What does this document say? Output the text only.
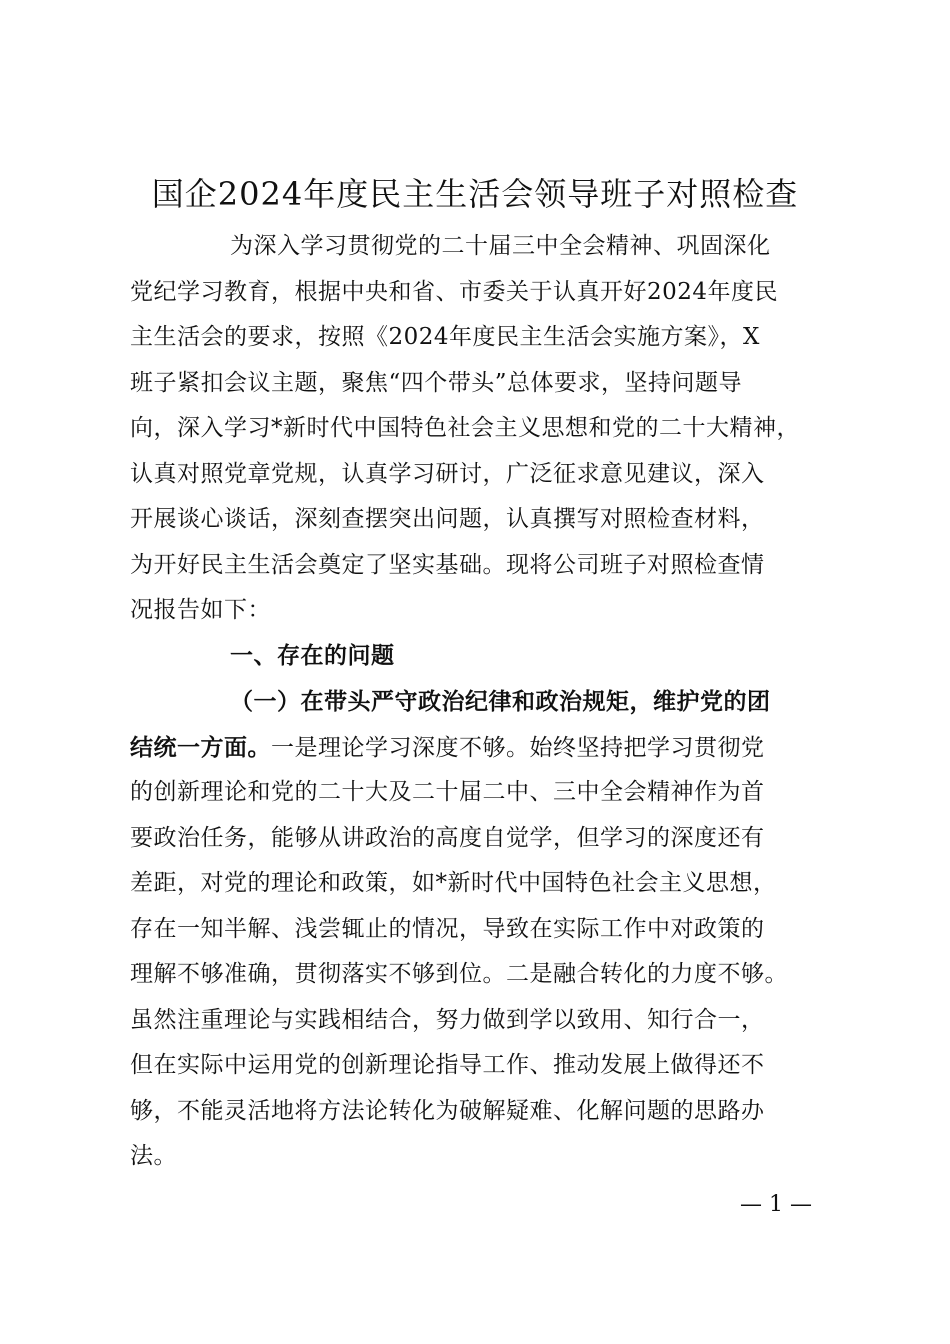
国企2024年度民主生活会领导班子对照检查
为深入学习贯彻党的二十届三中全会精神、巩固深化
党纪学习教育，根据中央和省、市委关于认真开好2024年度民
主生活会的要求，按照《2024年度民主生活会实施方案》，X
班子紧扣会议主题，聚焦“四个带头”总体要求，坚持问题导
向，深入学习*新时代中国特色社会主义思想和党的二十大精神，
认真对照党章党规，认真学习研讨，广泛征求意见建议，深入
开展谈心谈话，深刻查摆突出问题，认真撰写对照检查材料，
为开好民主生活会奠定了坚实基础。现将公司班子对照检查情
况报告如下：
一、存在的问题
（一）在带头严守政治纪律和政治规矩，维护党的团
结统一方面。一是理论学习深度不够。始终坚持把学习贯彻党
的创新理论和党的二十大及二十届二中、三中全会精神作为首
要政治任务，能够从讲政治的高度自觉学，但学习的深度还有
差距，对党的理论和政策，如*新时代中国特色社会主义思想，
存在一知半解、浅尝辄止的情况，导致在实际工作中对政策的
理解不够准确，贯彻落实不够到位。二是融合转化的力度不够。
虽然注重理论与实践相结合，努力做到学以致用、知行合一，
但在实际中运用党的创新理论指导工作、推动发展上做得还不
够，不能灵活地将方法论转化为破解疑难、化解问题的思路办
法。
— 1 —
